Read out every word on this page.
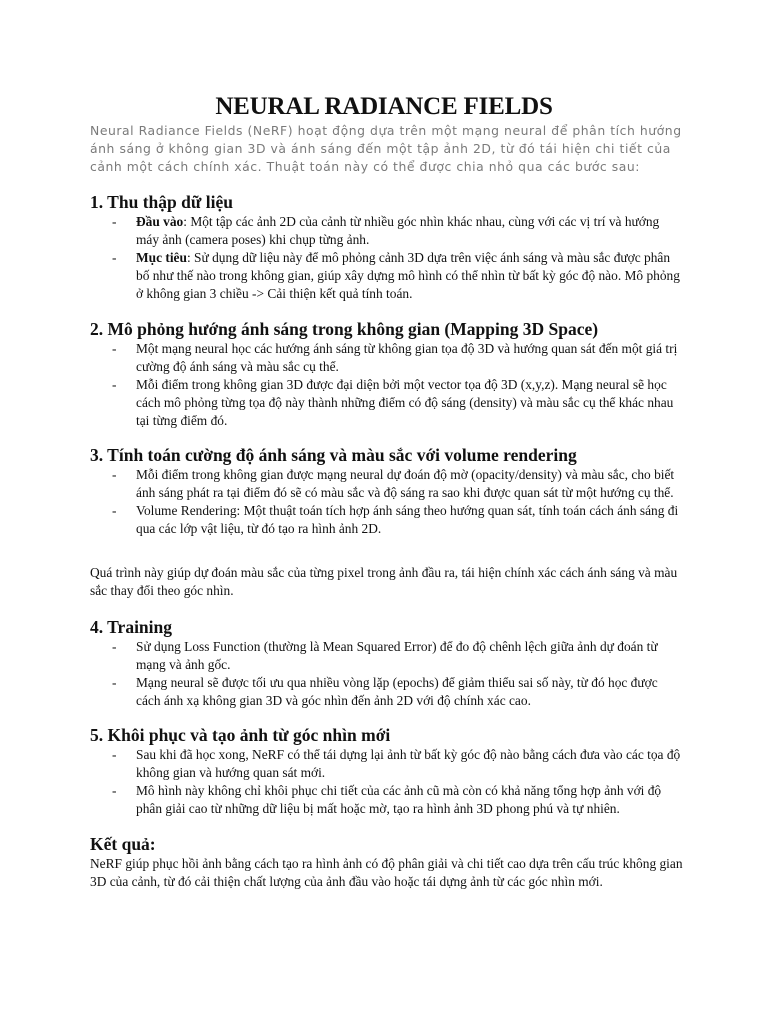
NEURAL RADIANCE FIELDS

Neural Radiance Fields (NeRF) hoạt động dựa trên một mạng neural để phân tích hướng ánh sáng ở không gian 3D và ánh sáng đến một tập ảnh 2D, từ đó tái hiện chi tiết của cảnh một cách chính xác. Thuật toán này có thể được chia nhỏ qua các bước sau:

1. Thu thập dữ liệu
- Đầu vào: Một tập các ảnh 2D của cảnh từ nhiều góc nhìn khác nhau, cùng với các vị trí và hướng máy ảnh (camera poses) khi chụp từng ảnh.
- Mục tiêu: Sử dụng dữ liệu này để mô phỏng cảnh 3D dựa trên việc ánh sáng và màu sắc được phân bố như thế nào trong không gian, giúp xây dựng mô hình có thể nhìn từ bất kỳ góc độ nào. Mô phỏng ở không gian 3 chiều -> Cải thiện kết quả tính toán.
2. Mô phỏng hướng ánh sáng trong không gian (Mapping 3D Space)
- Một mạng neural học các hướng ánh sáng từ không gian tọa độ 3D và hướng quan sát đến một giá trị cường độ ánh sáng và màu sắc cụ thể.
- Mỗi điểm trong không gian 3D được đại diện bởi một vector tọa độ 3D (x,y,z). Mạng neural sẽ học cách mô phỏng từng tọa độ này thành những điểm có độ sáng (density) và màu sắc cụ thể khác nhau tại từng điểm đó.
3. Tính toán cường độ ánh sáng và màu sắc với volume rendering
- Mỗi điểm trong không gian được mạng neural dự đoán độ mờ (opacity/density) và màu sắc, cho biết ánh sáng phát ra tại điểm đó sẽ có màu sắc và độ sáng ra sao khi được quan sát từ một hướng cụ thể.
- Volume Rendering: Một thuật toán tích hợp ánh sáng theo hướng quan sát, tính toán cách ánh sáng đi qua các lớp vật liệu, từ đó tạo ra hình ảnh 2D.

Quá trình này giúp dự đoán màu sắc của từng pixel trong ảnh đầu ra, tái hiện chính xác cách ánh sáng và màu sắc thay đổi theo góc nhìn.

4. Training
- Sử dụng Loss Function (thường là Mean Squared Error) để đo độ chênh lệch giữa ảnh dự đoán từ mạng và ảnh gốc.
- Mạng neural sẽ được tối ưu qua nhiều vòng lặp (epochs) để giảm thiểu sai số này, từ đó học được cách ánh xạ không gian 3D và góc nhìn đến ảnh 2D với độ chính xác cao.
5. Khôi phục và tạo ảnh từ góc nhìn mới
- Sau khi đã học xong, NeRF có thể tái dựng lại ảnh từ bất kỳ góc độ nào bằng cách đưa vào các tọa độ không gian và hướng quan sát mới.
- Mô hình này không chỉ khôi phục chi tiết của các ảnh cũ mà còn có khả năng tổng hợp ảnh với độ phân giải cao từ những dữ liệu bị mất hoặc mờ, tạo ra hình ảnh 3D phong phú và tự nhiên.
Kết quả:

NeRF giúp phục hồi ảnh bằng cách tạo ra hình ảnh có độ phân giải và chi tiết cao dựa trên cấu trúc không gian 3D của cảnh, từ đó cải thiện chất lượng của ảnh đầu vào hoặc tái dựng ảnh từ các góc nhìn mới.
